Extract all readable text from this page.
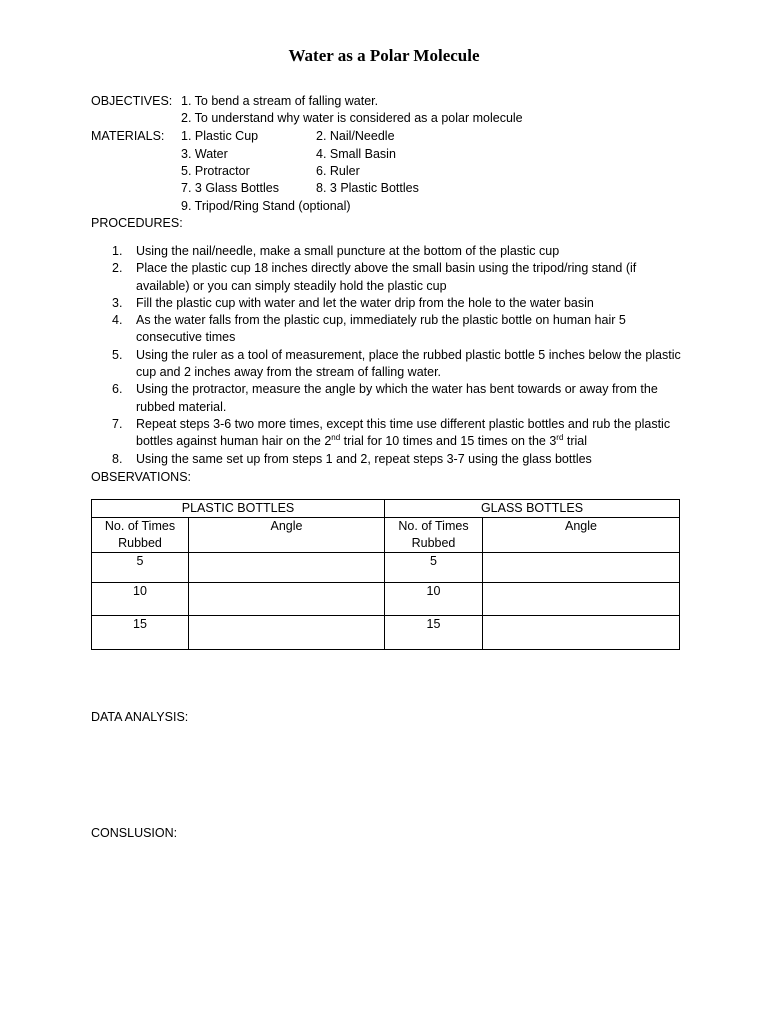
Water as a Polar Molecule
OBJECTIVES: 1. To bend a stream of falling water.
2. To understand why water is considered as a polar molecule
MATERIALS: 1. Plastic Cup	2. Nail/Needle
3. Water	4. Small Basin
5. Protractor	6. Ruler
7. 3 Glass Bottles	8. 3 Plastic Bottles
9. Tripod/Ring Stand (optional)
PROCEDURES:
1. Using the nail/needle, make a small puncture at the bottom of the plastic cup
2. Place the plastic cup 18 inches directly above the small basin using the tripod/ring stand (if available) or you can simply steadily hold the plastic cup
3. Fill the plastic cup with water and let the water drip from the hole to the water basin
4. As the water falls from the plastic cup, immediately rub the plastic bottle on human hair 5 consecutive times
5. Using the ruler as a tool of measurement, place the rubbed plastic bottle 5 inches below the plastic cup and 2 inches away from the stream of falling water.
6. Using the protractor, measure the angle by which the water has bent towards or away from the rubbed material.
7. Repeat steps 3-6 two more times, except this time use different plastic bottles and rub the plastic bottles against human hair on the 2nd trial for 10 times and 15 times on the 3rd trial
8. Using the same set up from steps 1 and 2, repeat steps 3-7 using the glass bottles
OBSERVATIONS:
PLASTIC BOTTLES		GLASS BOTTLES	
No. of Times Rubbed	Angle	No. of Times Rubbed	Angle
5		5	
10		10	
15		15	
DATA ANALYSIS:
CONSLUSION:
